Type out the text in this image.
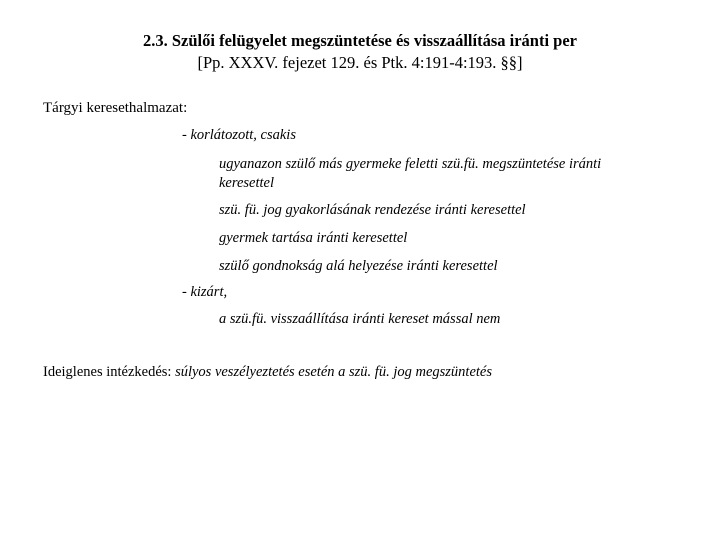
2.3. Szülői felügyelet megszüntetése és visszaállítása iránti per
[Pp. XXXV. fejezet 129. és Ptk. 4:191-4:193. §§]
Tárgyi keresethalmazat:
- korlátozott, csakis
ugyanazon szülő más gyermeke feletti szü.fü. megszüntetése iránti
keresettel
szü. fü. jog gyakorlásának rendezése iránti keresettel
gyermek tartása iránti keresettel
szülő gondnokság alá helyezése iránti keresettel
- kizárt,
a szü.fü. visszaállítása iránti kereset mással nem
Ideiglenes intézkedés: súlyos veszélyeztetés esetén a szü. fü. jog megszüntetés
